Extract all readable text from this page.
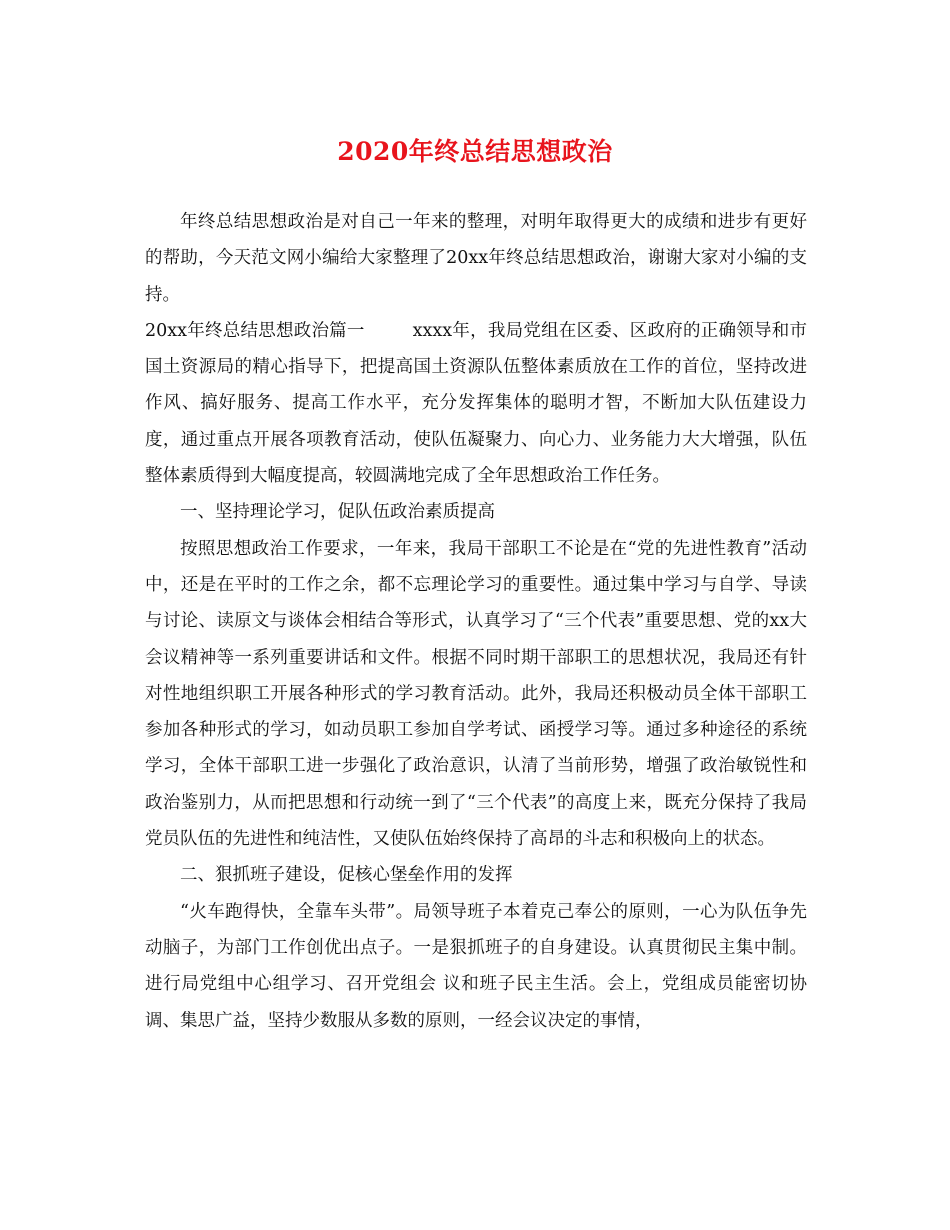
2020年终总结思想政治

年终总结思想政治是对自己一年来的整理，对明年取得更大的成绩和进步有更好的帮助，今天范文网小编给大家整理了20xx年终总结思想政治，谢谢大家对小编的支持。

20xx年终总结思想政治篇一	xxxx年，我局党组在区委、区政府的正确领导和市国土资源局的精心指导下，把提高国土资源队伍整体素质放在工作的首位，坚持改进作风、搞好服务、提高工作水平，充分发挥集体的聪明才智，不断加大队伍建设力度，通过重点开展各项教育活动，使队伍凝聚力、向心力、业务能力大大增强，队伍整体素质得到大幅度提高，较圆满地完成了全年思想政治工作任务。

一、坚持理论学习，促队伍政治素质提高

按照思想政治工作要求，一年来，我局干部职工不论是在“党的先进性教育”活动中，还是在平时的工作之余，都不忘理论学习的重要性。通过集中学习与自学、导读与讨论、读原文与谈体会相结合等形式，认真学习了“三个代表”重要思想、党的xx大会议精神等一系列重要讲话和文件。根据不同时期干部职工的思想状况，我局还有针对性地组织职工开展各种形式的学习教育活动。此外，我局还积极动员全体干部职工参加各种形式的学习，如动员职工参加自学考试、函授学习等。通过多种途径的系统学习，全体干部职工进一步强化了政治意识，认清了当前形势，增强了政治敏锐性和政治鉴别力，从而把思想和行动统一到了“三个代表”的高度上来，既充分保持了我局党员队伍的先进性和纯洁性，又使队伍始终保持了高昂的斗志和积极向上的状态。

二、狠抓班子建设，促核心堡垒作用的发挥

“火车跑得快，全靠车头带”。局领导班子本着克己奉公的原则，一心为队伍争先动脑子，为部门工作创优出点子。一是狠抓班子的自身建设。认真贯彻民主集中制。进行局党组中心组学习、召开党组会 议和班子民主生活。会上，党组成员能密切协调、集思广益，坚持少数服从多数的原则，一经会议决定的事情，
